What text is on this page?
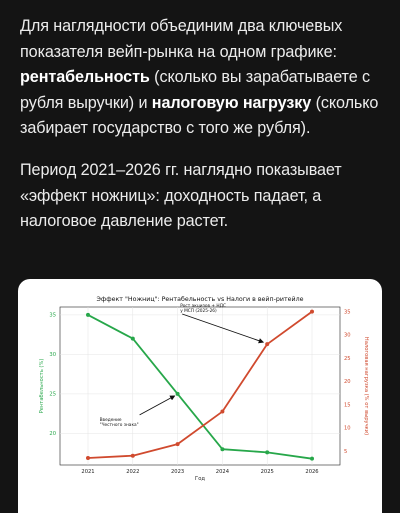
Для наглядности объединим два ключевых показателя вейп-рынка на одном графике: рентабельность (сколько вы зарабатываете с рубля выручки) и налоговую нагрузку (сколько забирает государство с того же рубля).

Период 2021–2026 гг. наглядно показывает «эффект ножниц»: доходность падает, а налоговое давление растет.

Эффект "Ножниц": Рентабельность vs Налоги в вейп-ритейле
2021	2022	2023	2024	2025	2026
20
25
30
35
5
10
15
20
25
30
35
Введение
"Честного знака"
Рост акцизов + НДС
у МСП (2025-26)
Год
Рентабельность (%)	Налоговая нагрузка (% от выручки)
